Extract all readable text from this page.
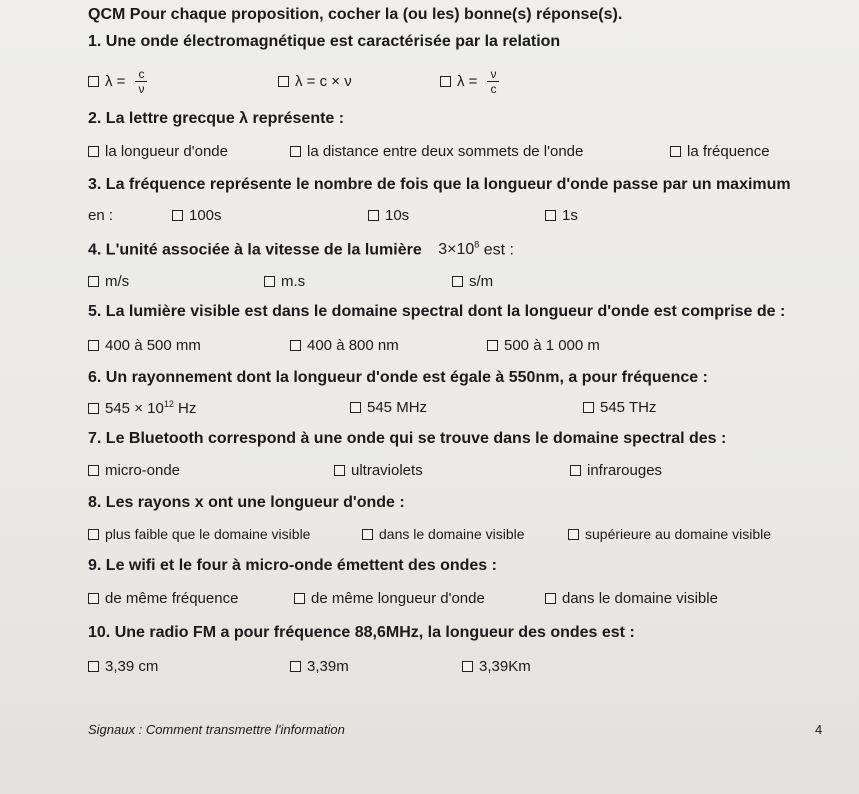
QCM Pour chaque proposition, cocher la (ou les) bonne(s) réponse(s).
1. Une onde électromagnétique est caractérisée par la relation
$\lambda = \frac{c}{\nu}$	λ = c × ν	$\lambda = \frac{\nu}{c}$
2. La lettre grecque λ représente :
la longueur d'onde	la distance entre deux sommets de l'onde	la fréquence
3. La fréquence représente le nombre de fois que la longueur d'onde passe par un maximum
en :	100s	10s	1s
4. L'unité associée à la vitesse de la lumière $3\times 10^8$ est :
m/s	m.s	s/m
5. La lumière visible est dans le domaine spectral dont la longueur d'onde est comprise de :
400 à 500 mm	400 à 800 nm	500 à 1 000 m
6. Un rayonnement dont la longueur d'onde est égale à 550nm, a pour fréquence :
$545 \times 10^{12}$ Hz	545 MHz	545 THz
7. Le Bluetooth correspond à une onde qui se trouve dans le domaine spectral des :
micro-onde	ultraviolets	infrarouges
8. Les rayons x ont une longueur d'onde :
plus faible que le domaine visible	dans le domaine visible	supérieure au domaine visible
9. Le wifi et le four à micro-onde émettent des ondes :
de même fréquence	de même longueur d'onde	dans le domaine visible
10. Une radio FM a pour fréquence 88,6MHz, la longueur des ondes est :
3,39 cm	3,39m	3,39Km
Signaux : Comment transmettre l'information	4
